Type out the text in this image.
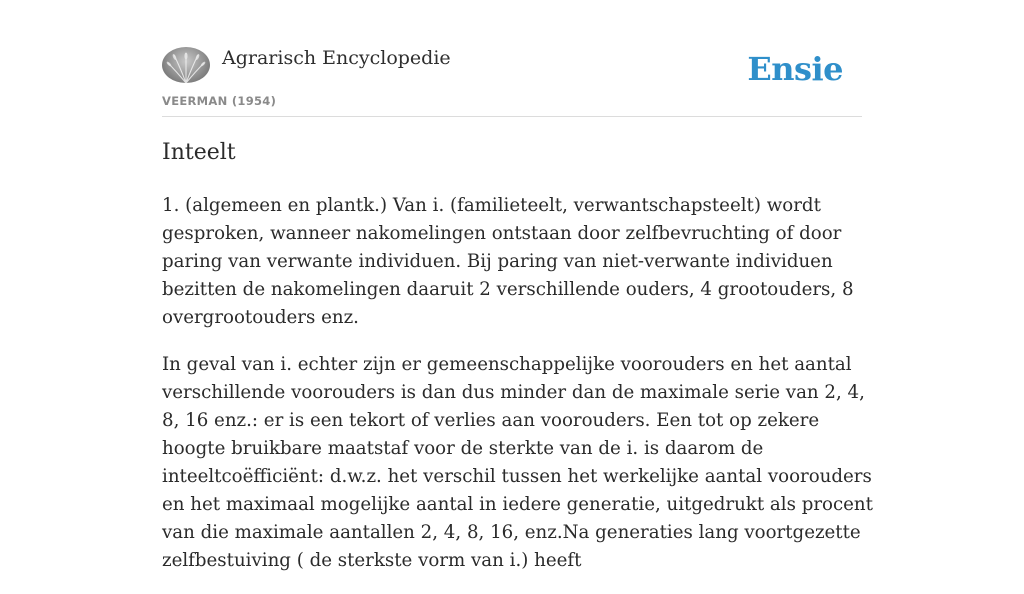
Agrarisch Encyclopedie
VEERMAN (1954)
Ensie
Inteelt

1. (algemeen en plantk.) Van i. (familieteelt, verwantschapsteelt) wordt gesproken, wanneer nakomelingen ontstaan door zelfbevruchting of door paring van verwante individuen. Bij paring van niet-verwante individuen bezitten de nakomelingen daaruit 2 verschillende ouders, 4 grootouders, 8 overgrootouders enz.

In geval van i. echter zijn er gemeenschappelijke voorouders en het aantal verschillende voorouders is dan dus minder dan de maximale serie van 2, 4, 8, 16 enz.: er is een tekort of verlies aan voorouders. Een tot op zekere hoogte bruikbare maatstaf voor de sterkte van de i. is daarom de inteeltcoëfficiënt: d.w.z. het verschil tussen het werkelijke aantal voorouders en het maximaal mogelijke aantal in iedere generatie, uitgedrukt als procent van die maximale aantallen 2, 4, 8, 16, enz.Na generaties lang voortgezette zelfbestuiving ( de sterkste vorm van i.) heeft
